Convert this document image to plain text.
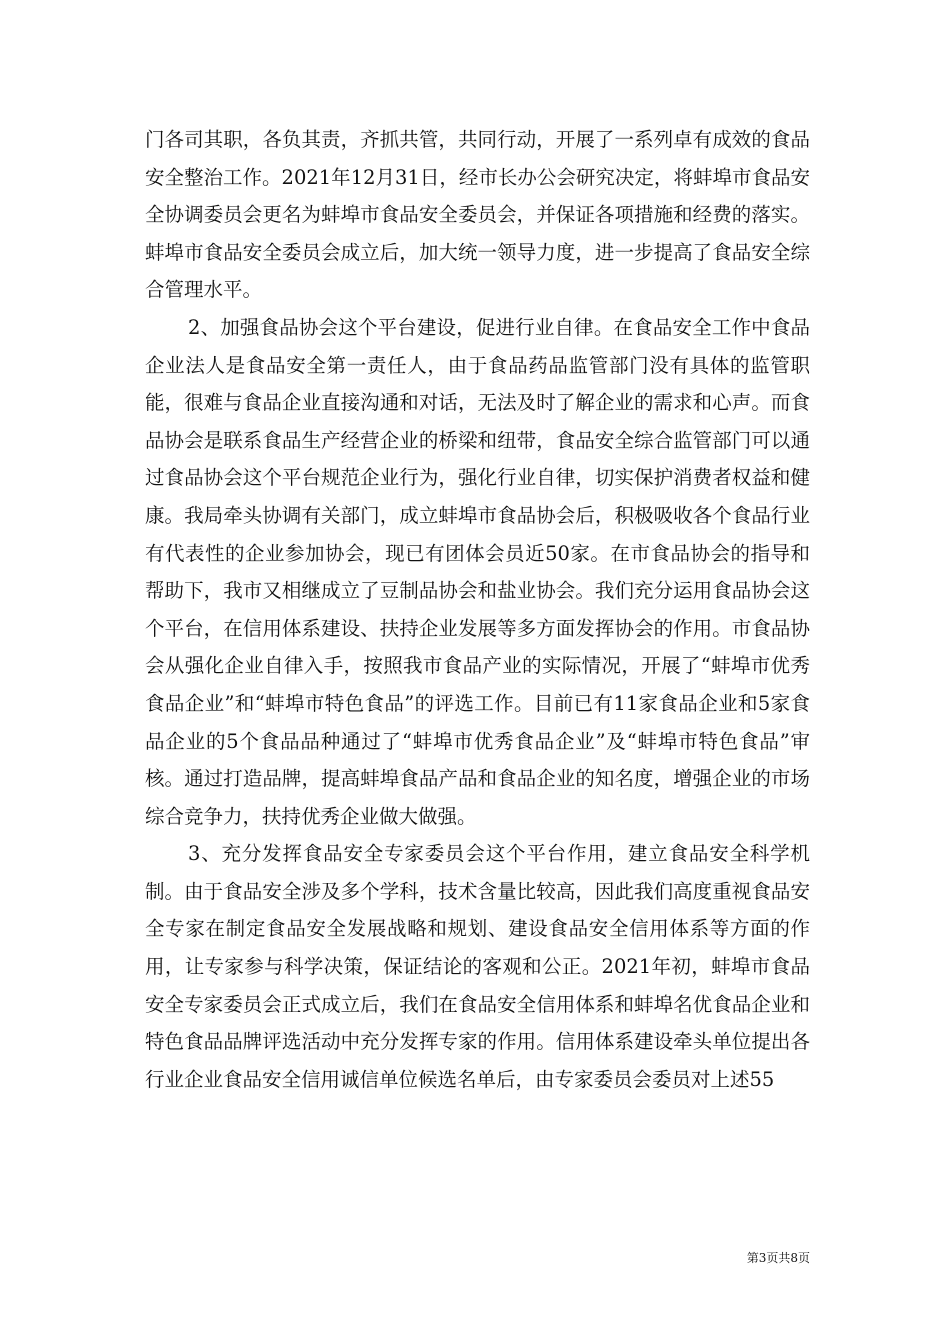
门各司其职，各负其责，齐抓共管，共同行动，开展了一系列卓有成效的食品安全整治工作。2021年12月31日，经市长办公会研究决定，将蚌埠市食品安全协调委员会更名为蚌埠市食品安全委员会，并保证各项措施和经费的落实。蚌埠市食品安全委员会成立后，加大统一领导力度，进一步提高了食品安全综合管理水平。

2、加强食品协会这个平台建设，促进行业自律。在食品安全工作中食品企业法人是食品安全第一责任人，由于食品药品监管部门没有具体的监管职能，很难与食品企业直接沟通和对话，无法及时了解企业的需求和心声。而食品协会是联系食品生产经营企业的桥梁和纽带，食品安全综合监管部门可以通过食品协会这个平台规范企业行为，强化行业自律，切实保护消费者权益和健康。我局牵头协调有关部门，成立蚌埠市食品协会后，积极吸收各个食品行业有代表性的企业参加协会，现已有团体会员近50家。在市食品协会的指导和帮助下，我市又相继成立了豆制品协会和盐业协会。我们充分运用食品协会这个平台，在信用体系建设、扶持企业发展等多方面发挥协会的作用。市食品协会从强化企业自律入手，按照我市食品产业的实际情况，开展了“蚌埠市优秀食品企业”和“蚌埠市特色食品”的评选工作。目前已有11家食品企业和5家食品企业的5个食品品种通过了“蚌埠市优秀食品企业”及“蚌埠市特色食品”审核。通过打造品牌，提高蚌埠食品产品和食品企业的知名度，增强企业的市场综合竞争力，扶持优秀企业做大做强。

3、充分发挥食品安全专家委员会这个平台作用，建立食品安全科学机制。由于食品安全涉及多个学科，技术含量比较高，因此我们高度重视食品安全专家在制定食品安全发展战略和规划、建设食品安全信用体系等方面的作用，让专家参与科学决策，保证结论的客观和公正。2021年初，蚌埠市食品安全专家委员会正式成立后，我们在食品安全信用体系和蚌埠名优食品企业和特色食品品牌评选活动中充分发挥专家的作用。信用体系建设牵头单位提出各行业企业食品安全信用诚信单位候选名单后，由专家委员会委员对上述55

第3页共8页
